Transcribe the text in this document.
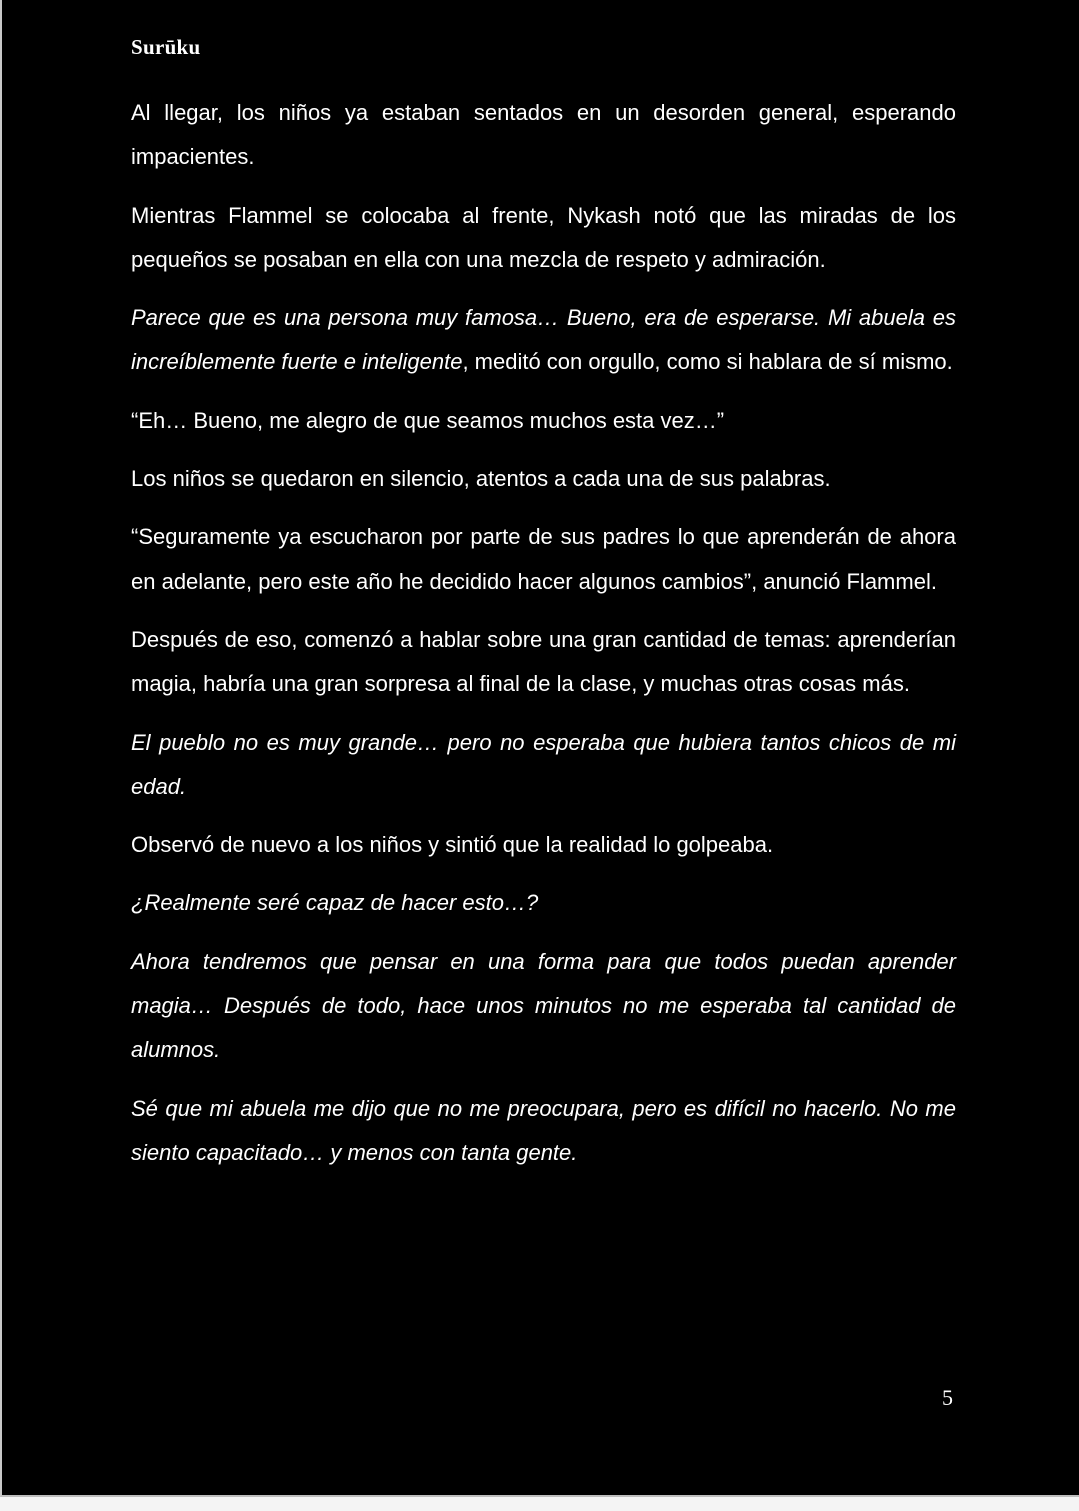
Surūku

Al llegar, los niños ya estaban sentados en un desorden general, esperando impacientes.

Mientras Flammel se colocaba al frente, Nykash notó que las miradas de los pequeños se posaban en ella con una mezcla de respeto y admiración.

Parece que es una persona muy famosa… Bueno, era de esperarse. Mi abuela es increíblemente fuerte e inteligente, meditó con orgullo, como si hablara de sí mismo.

“Eh… Bueno, me alegro de que seamos muchos esta vez…”

Los niños se quedaron en silencio, atentos a cada una de sus palabras.

“Seguramente ya escucharon por parte de sus padres lo que aprenderán de ahora en adelante, pero este año he decidido hacer algunos cambios”, anunció Flammel.

Después de eso, comenzó a hablar sobre una gran cantidad de temas: aprenderían magia, habría una gran sorpresa al final de la clase, y muchas otras cosas más.

El pueblo no es muy grande… pero no esperaba que hubiera tantos chicos de mi edad.

Observó de nuevo a los niños y sintió que la realidad lo golpeaba.

¿Realmente seré capaz de hacer esto…?

Ahora tendremos que pensar en una forma para que todos puedan aprender magia… Después de todo, hace unos minutos no me esperaba tal cantidad de alumnos.

Sé que mi abuela me dijo que no me preocupara, pero es difícil no hacerlo. No me siento capacitado… y menos con tanta gente.

5
